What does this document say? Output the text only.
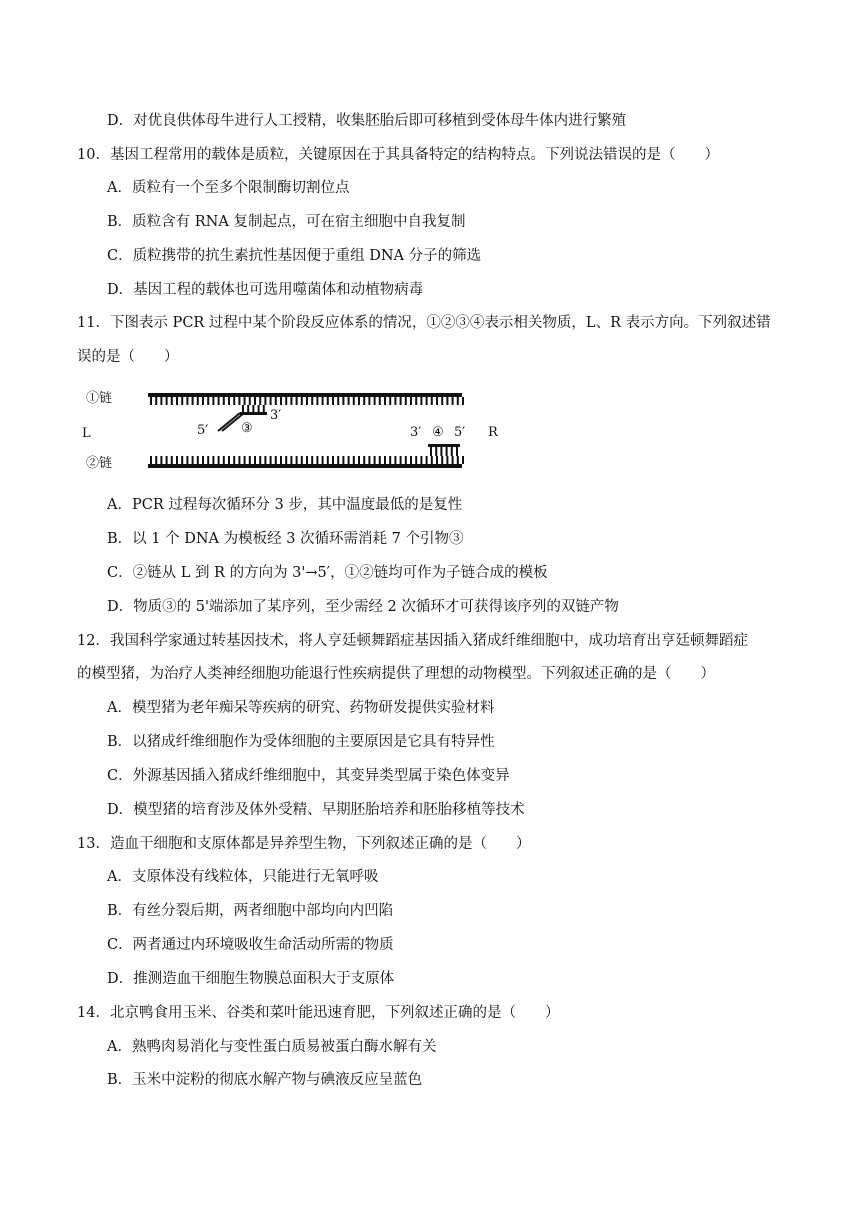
D．对优良供体母牛进行人工授精，收集胚胎后即可移植到受体母牛体内进行繁殖
10．基因工程常用的载体是质粒，关键原因在于其具备特定的结构特点。下列说法错误的是（　　）
A．质粒有一个至多个限制酶切割位点
B．质粒含有 RNA 复制起点，可在宿主细胞中自我复制
C．质粒携带的抗生素抗性基因便于重组 DNA 分子的筛选
D．基因工程的载体也可选用噬菌体和动植物病毒
11．下图表示 PCR 过程中某个阶段反应体系的情况，①②③④表示相关物质，L、R 表示方向。下列叙述错
误的是（　　）
①链
②链
L	R
5′	③
3′
3′ ④ 5′
A．PCR 过程每次循环分 3 步，其中温度最低的是复性
B．以 1 个 DNA 为模板经 3 次循环需消耗 7 个引物③
C．②链从 L 到 R 的方向为 3'→5′，①②链均可作为子链合成的模板
D．物质③的 5'端添加了某序列，至少需经 2 次循环才可获得该序列的双链产物
12．我国科学家通过转基因技术，将人亨廷顿舞蹈症基因插入猪成纤维细胞中，成功培育出亨廷顿舞蹈症
的模型猪，为治疗人类神经细胞功能退行性疾病提供了理想的动物模型。下列叙述正确的是（　　）
A．模型猪为老年痴呆等疾病的研究、药物研发提供实验材料
B．以猪成纤维细胞作为受体细胞的主要原因是它具有特异性
C．外源基因插入猪成纤维细胞中，其变异类型属于染色体变异
D．模型猪的培育涉及体外受精、早期胚胎培养和胚胎移植等技术
13．造血干细胞和支原体都是异养型生物，下列叙述正确的是（　　）
A．支原体没有线粒体，只能进行无氧呼吸
B．有丝分裂后期，两者细胞中部均向内凹陷
C．两者通过内环境吸收生命活动所需的物质
D．推测造血干细胞生物膜总面积大于支原体
14．北京鸭食用玉米、谷类和菜叶能迅速育肥，下列叙述正确的是（　　）
A．熟鸭肉易消化与变性蛋白质易被蛋白酶水解有关
B．玉米中淀粉的彻底水解产物与碘液反应呈蓝色
